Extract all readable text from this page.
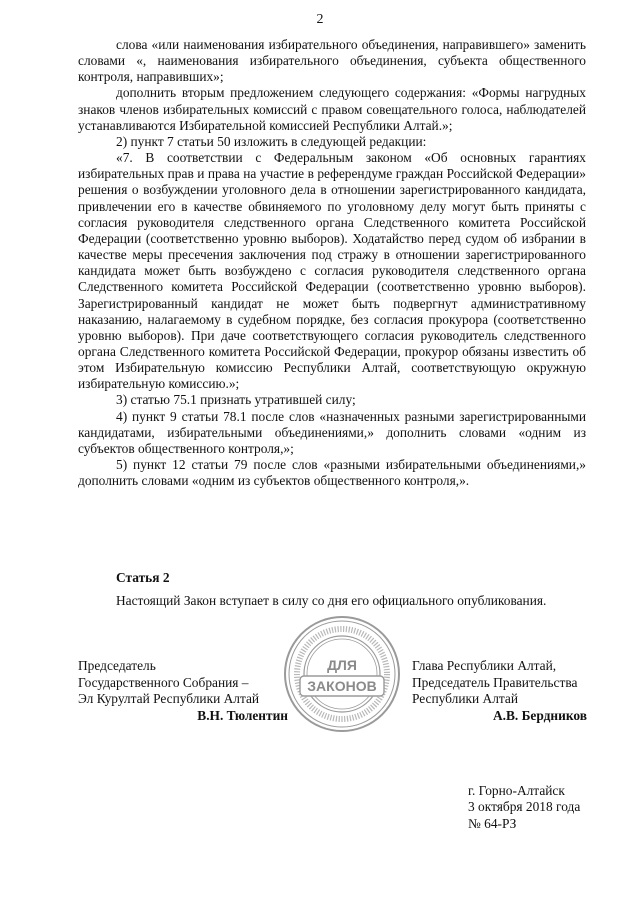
2

слова «или наименования избирательного объединения, направившего» заменить словами «, наименования избирательного объединения, субъекта общественного контроля, направивших»;

дополнить вторым предложением следующего содержания: «Формы нагрудных знаков членов избирательных комиссий с правом совещательного голоса, наблюдателей устанавливаются Избирательной комиссией Республики Алтай.»;

2) пункт 7 статьи 50 изложить в следующей редакции:

«7. В соответствии с Федеральным законом «Об основных гарантиях избирательных прав и права на участие в референдуме граждан Российской Федерации» решения о возбуждении уголовного дела в отношении зарегистрированного кандидата, привлечении его в качестве обвиняемого по уголовному делу могут быть приняты с согласия руководителя следственного органа Следственного комитета Российской Федерации (соответственно уровню выборов). Ходатайство перед судом об избрании в качестве меры пресечения заключения под стражу в отношении зарегистрированного кандидата может быть возбуждено с согласия руководителя следственного органа Следственного комитета Российской Федерации (соответственно уровню выборов). Зарегистрированный кандидат не может быть подвергнут административному наказанию, налагаемому в судебном порядке, без согласия прокурора (соответственно уровню выборов). При даче соответствующего согласия руководитель следственного органа Следственного комитета Российской Федерации, прокурор обязаны известить об этом Избирательную комиссию Республики Алтай, соответствующую окружную избирательную комиссию.»;

3) статью 75.1 признать утратившей силу;

4) пункт 9 статьи 78.1 после слов «назначенных разными зарегистрированными кандидатами, избирательными объединениями,» дополнить словами «одним из субъектов общественного контроля,»;

5) пункт 12 статьи 79 после слов «разными избирательными объединениями,» дополнить словами «одним из субъектов общественного контроля,».

Статья 2
Настоящий Закон вступает в силу со дня его официального опубликования.
ДЛЯ
ЗАКОНОВ
Председатель
Государственного Собрания –
Эл Курултай Республики Алтай
В.Н. Тюлентин
Глава Республики Алтай,
Председатель Правительства
Республики Алтай
А.В. Бердников
г. Горно-Алтайск
3 октября 2018 года
№ 64-РЗ
